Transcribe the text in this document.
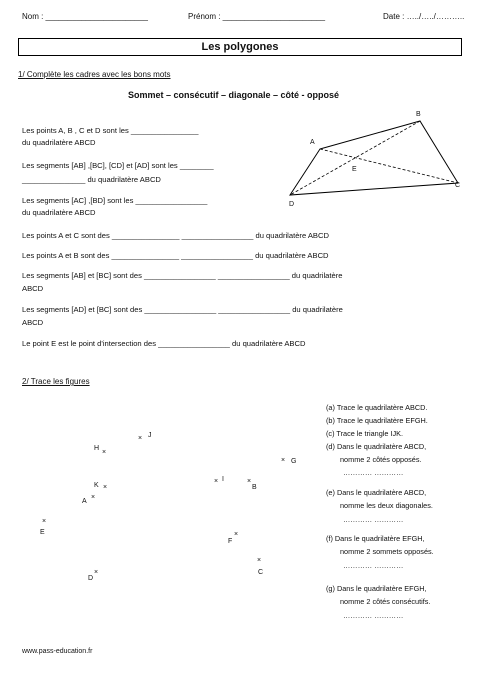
Nom : _______________________	Prénom : _______________________	Date : …../…../………..
Les polygones
1/ Complète les cadres avec les bons mots
Sommet – consécutif – diagonale – côté - opposé
Les points A, B , C et D sont les ________________
du quadrilatère ABCD
Les segments [AB] ,[BC], [CD] et [AD] sont les ________
_______________ du quadrilatère ABCD
Les segments [AC] ,[BD] sont les _________________
du quadrilatère ABCD
Les points A et C sont des ________________ _________________ du quadrilatère ABCD
Les points A et B sont des ________________ _________________ du quadrilatère ABCD
Les segments [AB] et [BC] sont des _________________ _________________ du quadrilatère
ABCD
Les segments [AD] et [BC] sont des _________________ _________________ du quadrilatère
ABCD
Le point E est le point d'intersection des _________________ du quadrilatère ABCD
A
B
C
D
E
2/ Trace les figures
H
×
× J
K ×
A
×
× I	×
B
× G
×
E
F
×
×
C
D
×
(a) Trace le quadrilatère ABCD.
(b) Trace le quadrilatère EFGH.
(c) Trace le triangle IJK.
(d) Dans le quadrilatère ABCD,
nomme 2 côtés opposés.
………… …………
(e) Dans le quadrilatère ABCD,
nomme les deux diagonales.
………… …………
(f) Dans le quadrilatère EFGH,
nomme 2 sommets opposés.
………… …………
(g) Dans le quadrilatère EFGH,
nomme 2 côtés consécutifs.
………… …………
www.pass-education.fr
